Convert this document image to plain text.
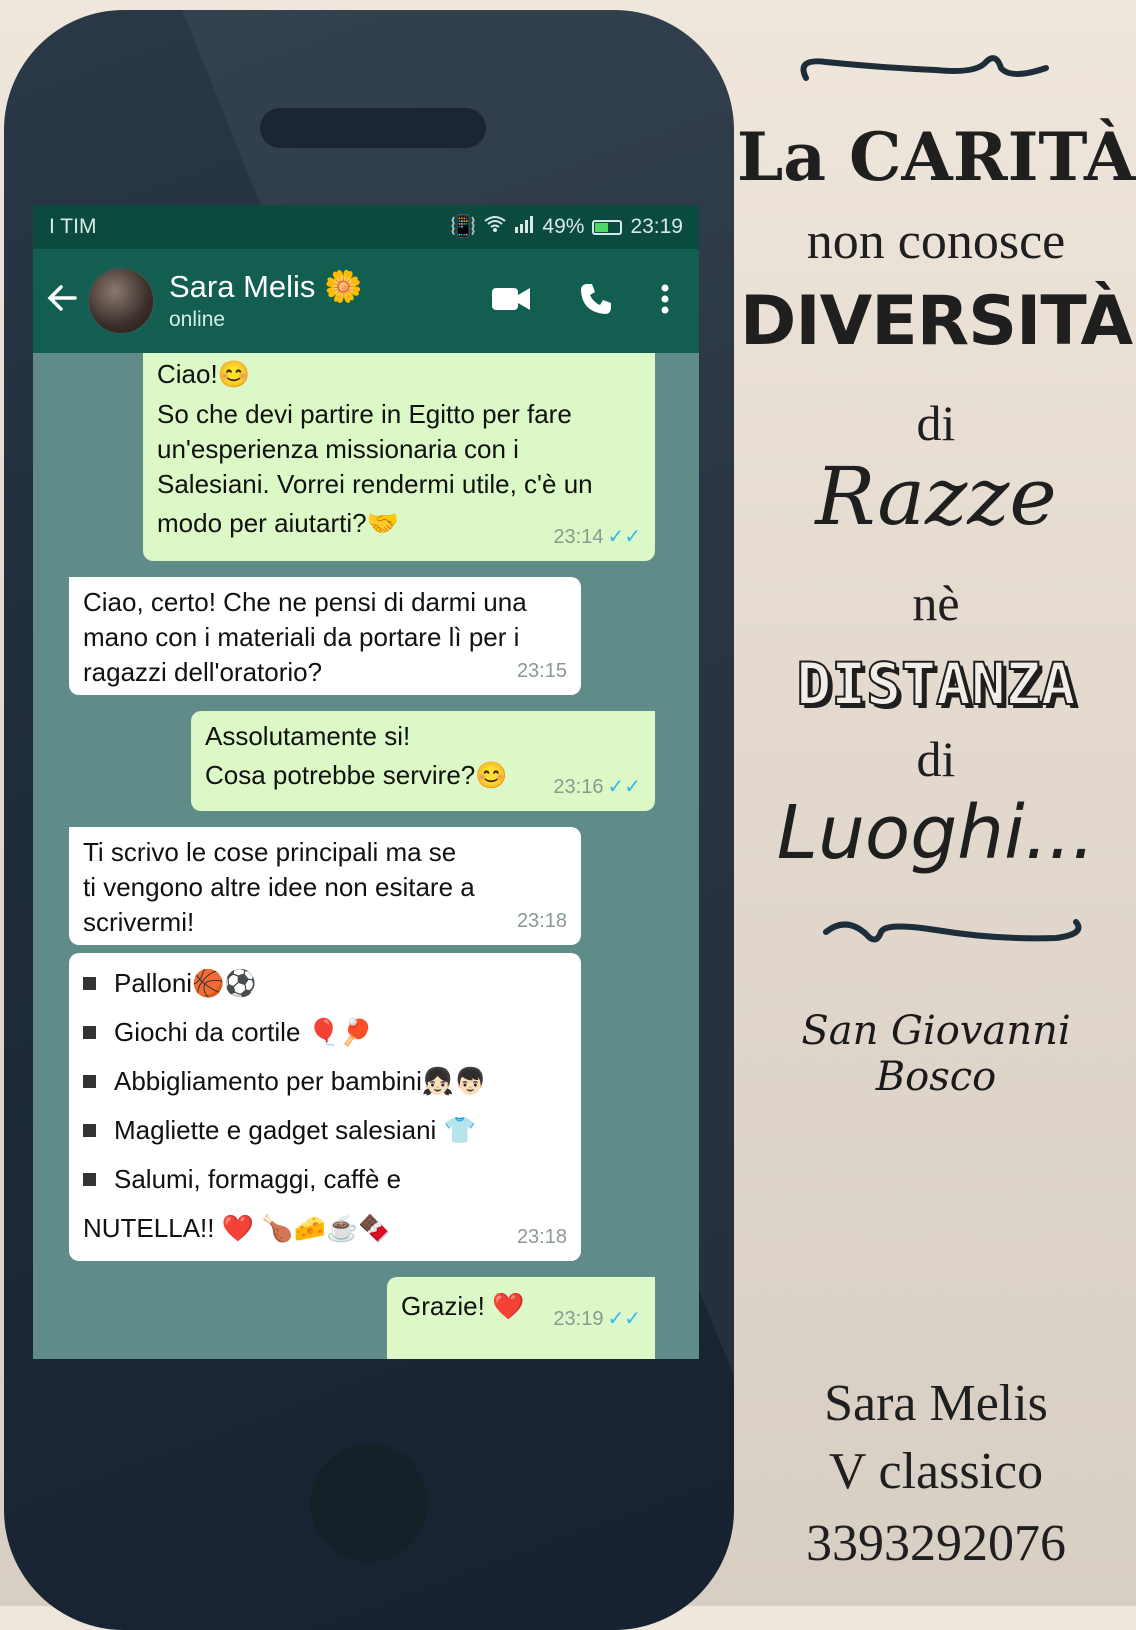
I TIM	📳	49% 23:19
Sara Melis 🌼
online
Ciao!😊
So che devi partire in Egitto per fare
un'esperienza missionaria con i
Salesiani. Vorrei rendermi utile, c'è un
modo per aiutarti?🤝	23:14 ✓✓
Ciao, certo! Che ne pensi di darmi una
mano con i materiali da portare lì per i
ragazzi dell'oratorio?	23:15
Assolutamente si!
Cosa potrebbe servire?😊	23:16 ✓✓
Ti scrivo le cose principali ma se
ti vengono altre idee non esitare a
scrivermi!	23:18
Palloni🏀⚽
Giochi da cortile 🎈🏓
Abbigliamento per bambini👧🏻👦🏻
Magliette e gadget salesiani 👕
Salumi, formaggi, caffè e
NUTELLA!! ❤️ 🍗🧀☕🍫	23:18
Grazie! ❤️	23:19 ✓✓
La CARITÀ
non conosce
DIVERSITÀ
di
Razze
nè
DISTANZA
di
Luoghi...
San Giovanni Bosco
Sara Melis
V classico
3393292076
